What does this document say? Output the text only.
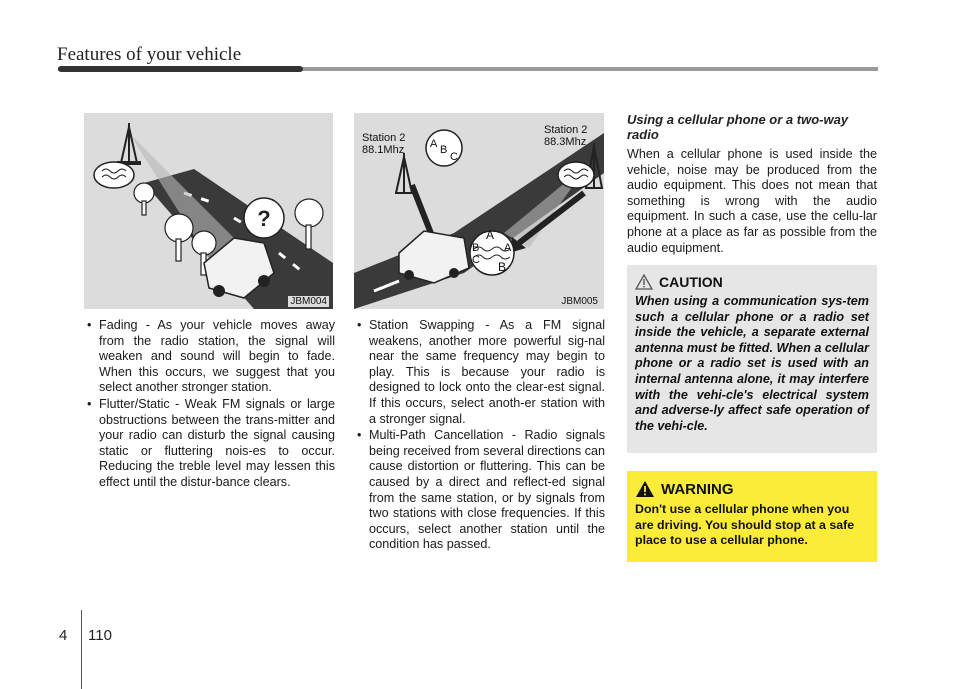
Features of your vehicle
?
JBM004
Station 2
88.1Mhz
Station 2
88.3Mhz
A B
C
A
B
C
A
B
JBM005
• Fading - As your vehicle moves away from the radio station, the signal will weaken and sound will begin to fade. When this occurs, we suggest that you select another stronger station.
• Flutter/Static - Weak FM signals or large obstructions between the trans-mitter and your radio can disturb the signal causing static or fluttering nois-es to occur. Reducing the treble level may lessen this effect until the distur-bance clears.
• Station Swapping - As a FM signal weakens, another more powerful sig-nal near the same frequency may begin to play. This is because your radio is designed to lock onto the clear-est signal. If this occurs, select anoth-er station with a stronger signal.
• Multi-Path Cancellation - Radio signals being received from several directions can cause distortion or fluttering. This can be caused by a direct and reflect-ed signal from the same station, or by signals from two stations with close frequencies. If this occurs, select another station until the condition has passed.
Using a cellular phone or a two-way radio
When a cellular phone is used inside the vehicle, noise may be produced from the audio equipment. This does not mean that something is wrong with the audio equipment. In such a case, use the cellu-lar phone at a place as far as possible from the audio equipment.
CAUTION
When using a communication sys-tem such a cellular phone or a radio set inside the vehicle, a separate external antenna must be fitted. When a cellular phone or a radio set is used with an internal antenna alone, it may interfere with the vehi-cle's electrical system and adverse-ly affect safe operation of the vehi-cle.
WARNING
Don't use a cellular phone when you are driving. You should stop at a safe place to use a cellular phone.
4 110
